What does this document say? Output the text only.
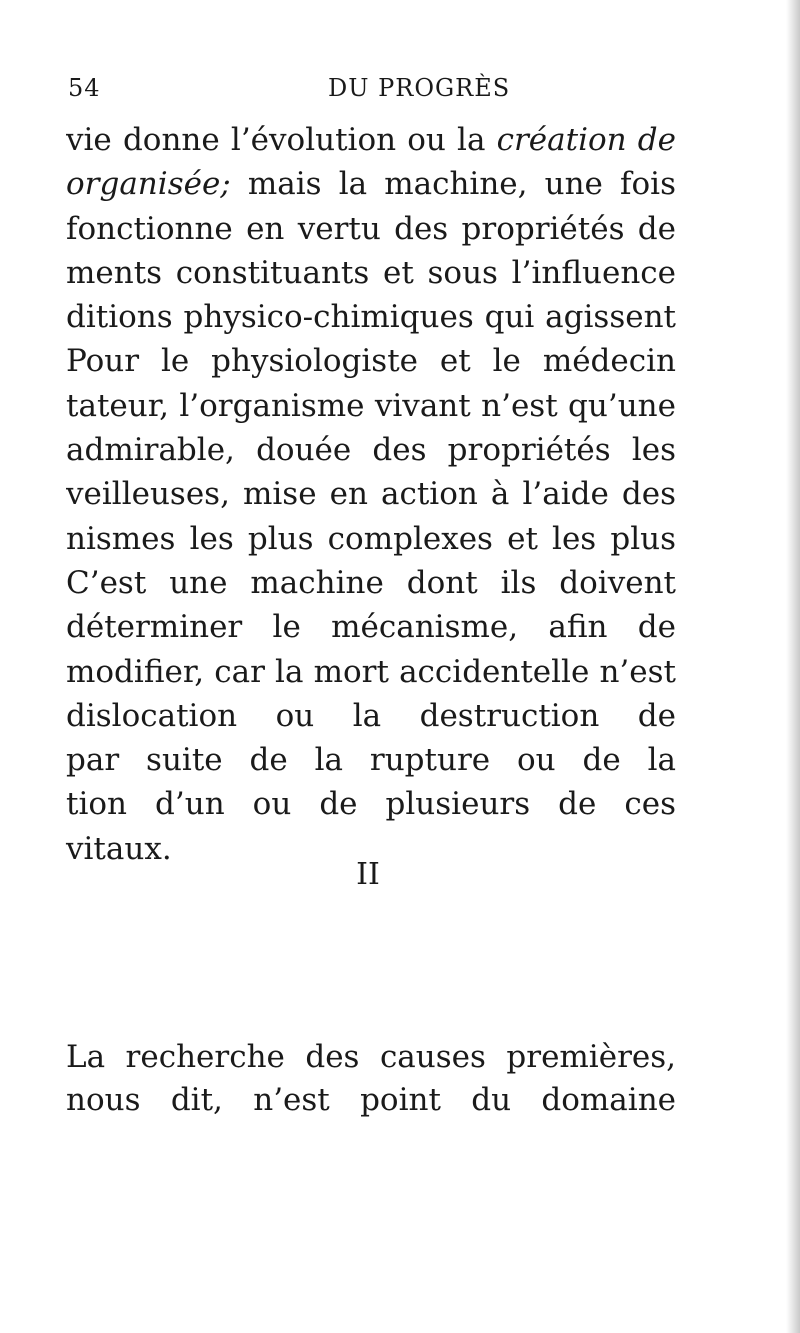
54	DU PROGRÈS
vie donne l’évolution ou la création de
organisée; mais la machine, une fois
fonctionne en vertu des propriétés de
ments constituants et sous l’influence
ditions physico-chimiques qui agissent
Pour le physiologiste et le médecin
tateur, l’organisme vivant n’est qu’une
admirable, douée des propriétés les
veilleuses, mise en action à l’aide des
nismes les plus complexes et les plus
C’est une machine dont ils doivent
déterminer le mécanisme, afin de
modifier, car la mort accidentelle n’est
dislocation ou la destruction de
par suite de la rupture ou de la
tion d’un ou de plusieurs de ces
vitaux.
II
La recherche des causes premières,
nous dit, n’est point du domaine
